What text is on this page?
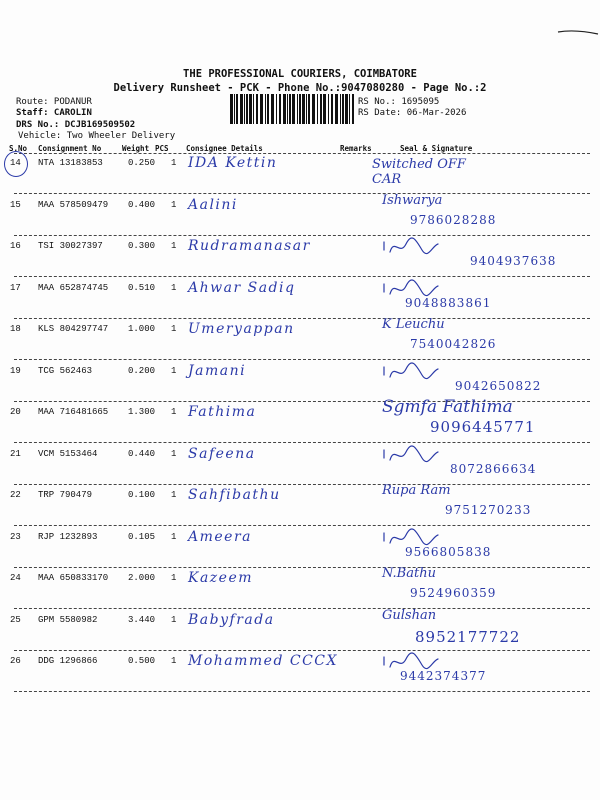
THE PROFESSIONAL COURIERS, COIMBATORE
Delivery Runsheet - PCK - Phone No.:9047080280 - Page No.:2
Route: PODANUR
Staff: CAROLIN
DRS No.: DCJB169509502
Vehicle: Two Wheeler Delivery
RS No.: 1695095
RS Date: 06-Mar-2026
S.No Consignment No	Weight PCS Consignee Details	Remarks	Seal & Signature
14 NTA 13183853	0.250 1 IDA Kettin	Switched OFF
CAR
15 MAA 578509479 0.400 1 Aalini	Ishwarya
9786028288
16 TSI 30027397	0.300 1 Rudramanasar
9404937638
17 MAA 652874745 0.510 1 Ahwar Sadiq
9048883861
18 KLS 804297747 1.000 1 Umeryappan	K Leuchu
7540042826
19 TCG 562463	0.200 1 Jamani
9042650822
20 MAA 716481665 1.300 1 Fathima	Sgmfa Fathima
9096445771
21 VCM 5153464	0.440 1 Safeena
8072866634
22 TRP 790479	0.100 1 Sahfibathu	Rupa Ram
9751270233
23 RJP 1232893	0.105 1 Ameera
9566805838
24 MAA 650833170 2.000 1 Kazeem	N.Bathu
9524960359
25 GPM 5580982	3.440 1 Babyfrada	Gulshan
8952177722
26 DDG 1296866	0.500 1 Mohammed CCCX
9442374377
